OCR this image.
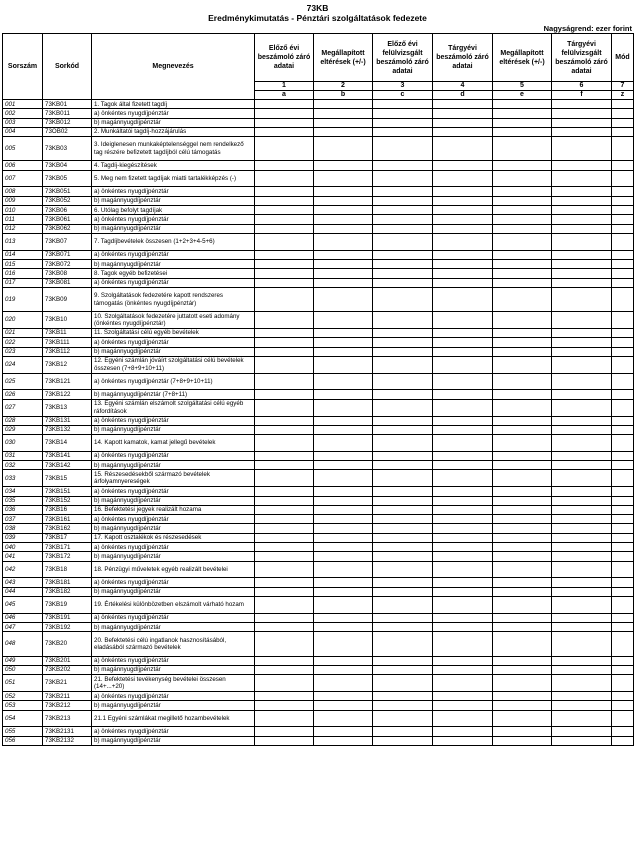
73KB
Eredménykimutatás - Pénztári szolgáltatások fedezete
Nagyságrend: ezer forint
Sorszám	Sorkód	Megnevezés	Előző évi beszámoló záró adatai	Megállapított eltérések (+/-)	Előző évi felülvizsgált beszámoló záró adatai	Tárgyévi beszámoló záró adatai	Megállapított eltérések (+/-)	Tárgyévi felülvizsgált beszámoló záró adatai	Mód
			1	2	3	4	5	6	7
			a	b	c	d	e	f	z
001	73KB01	1. Tagok által fizetett tagdíj							
002	73KB011	a) önkéntes nyugdíjpénztár							
003	73KB012	b) magánnyugdíjpénztár							
004	73OB02	2. Munkáltatói tagdíj-hozzájárulás							
005	73KB03	3. Ideiglenesen munkaképtelenséggel nem rendelkező tag részére befizetett tagdíjból célú támogatás							
006	73KB04	4. Tagdíj-kiegészítések							
007	73KB05	5. Meg nem fizetett tagdíjak miatti tartalékképzés (-)							
008	73KB051	a) önkéntes nyugdíjpénztár							
009	73KB052	b) magánnyugdíjpénztár							
010	73KB06	6. Utólag befolyt tagdíjak							
011	73KB061	a) önkéntes nyugdíjpénztár							
012	73KB062	b) magánnyugdíjpénztár							
013	73KB07	7. Tagdíjbevételek összesen (1+2+3+4-5+6)							
014	73KB071	a) önkéntes nyugdíjpénztár							
015	73KB072	b) magánnyugdíjpénztár							
016	73KB08	8. Tagok egyéb befizetései							
017	73KB081	a) önkéntes nyugdíjpénztár							
019	73KB09	9. Szolgáltatások fedezetére kapott rendszeres támogatás (önkéntes nyugdíjpénztár)							
020	73KB10	10. Szolgáltatások fedezetére juttatott eseti adomány (önkéntes nyugdíjpénztár)							
021	73KB11	11. Szolgáltatási célú egyéb bevételek							
022	73KB111	a) önkéntes nyugdíjpénztár							
023	73KB112	b) magánnyugdíjpénztár							
024	73KB12	12. Egyéni számlán jóváírt szolgáltatási célú bevételek összesen (7+8+9+10+11)							
025	73KB121	a) önkéntes nyugdíjpénztár (7+8+9+10+11)							
026	73KB122	b) magánnyugdíjpénztár (7+8+11)							
027	73KB13	13. Egyéni számlán elszámolt szolgáltatási célú egyéb ráfordítások							
028	73KB131	a) önkéntes nyugdíjpénztár							
029	73KB132	b) magánnyugdíjpénztár							
030	73KB14	14. Kapott kamatok, kamat jellegű bevételek							
031	73KB141	a) önkéntes nyugdíjpénztár							
032	73KB142	b) magánnyugdíjpénztár							
033	73KB15	15. Részesedésekből származó bevételek árfolyamnyereségek							
034	73KB151	a) önkéntes nyugdíjpénztár							
035	73KB152	b) magánnyugdíjpénztár							
036	73KB16	16. Befektetési jegyek realizált hozama							
037	73KB161	a) önkéntes nyugdíjpénztár							
038	73KB162	b) magánnyugdíjpénztár							
039	73KB17	17. Kapott osztalékok és részesedések							
040	73KB171	a) önkéntes nyugdíjpénztár							
041	73KB172	b) magánnyugdíjpénztár							
042	73KB18	18. Pénzügyi műveletek egyéb realizált bevételei							
043	73KB181	a) önkéntes nyugdíjpénztár							
044	73KB182	b) magánnyugdíjpénztár							
045	73KB19	19. Értékelési különbözetben elszámolt várható hozam							
046	73KB191	a) önkéntes nyugdíjpénztár							
047	73KB192	b) magánnyugdíjpénztár							
048	73KB20	20. Befektetési célú ingatlanok hasznosításából, eladásából származó bevételek							
049	73KB201	a) önkéntes nyugdíjpénztár							
050	73KB202	b) magánnyugdíjpénztár							
051	73KB21	21. Befektetési tevékenység bevételei összesen (14+...+20)							
052	73KB211	a) önkéntes nyugdíjpénztár							
053	73KB212	b) magánnyugdíjpénztár							
054	73KB213	21.1 Egyéni számlákat megillető hozambevételek							
055	73KB2131	a) önkéntes nyugdíjpénztár							
056	73KB2132	b) magánnyugdíjpénztár							
